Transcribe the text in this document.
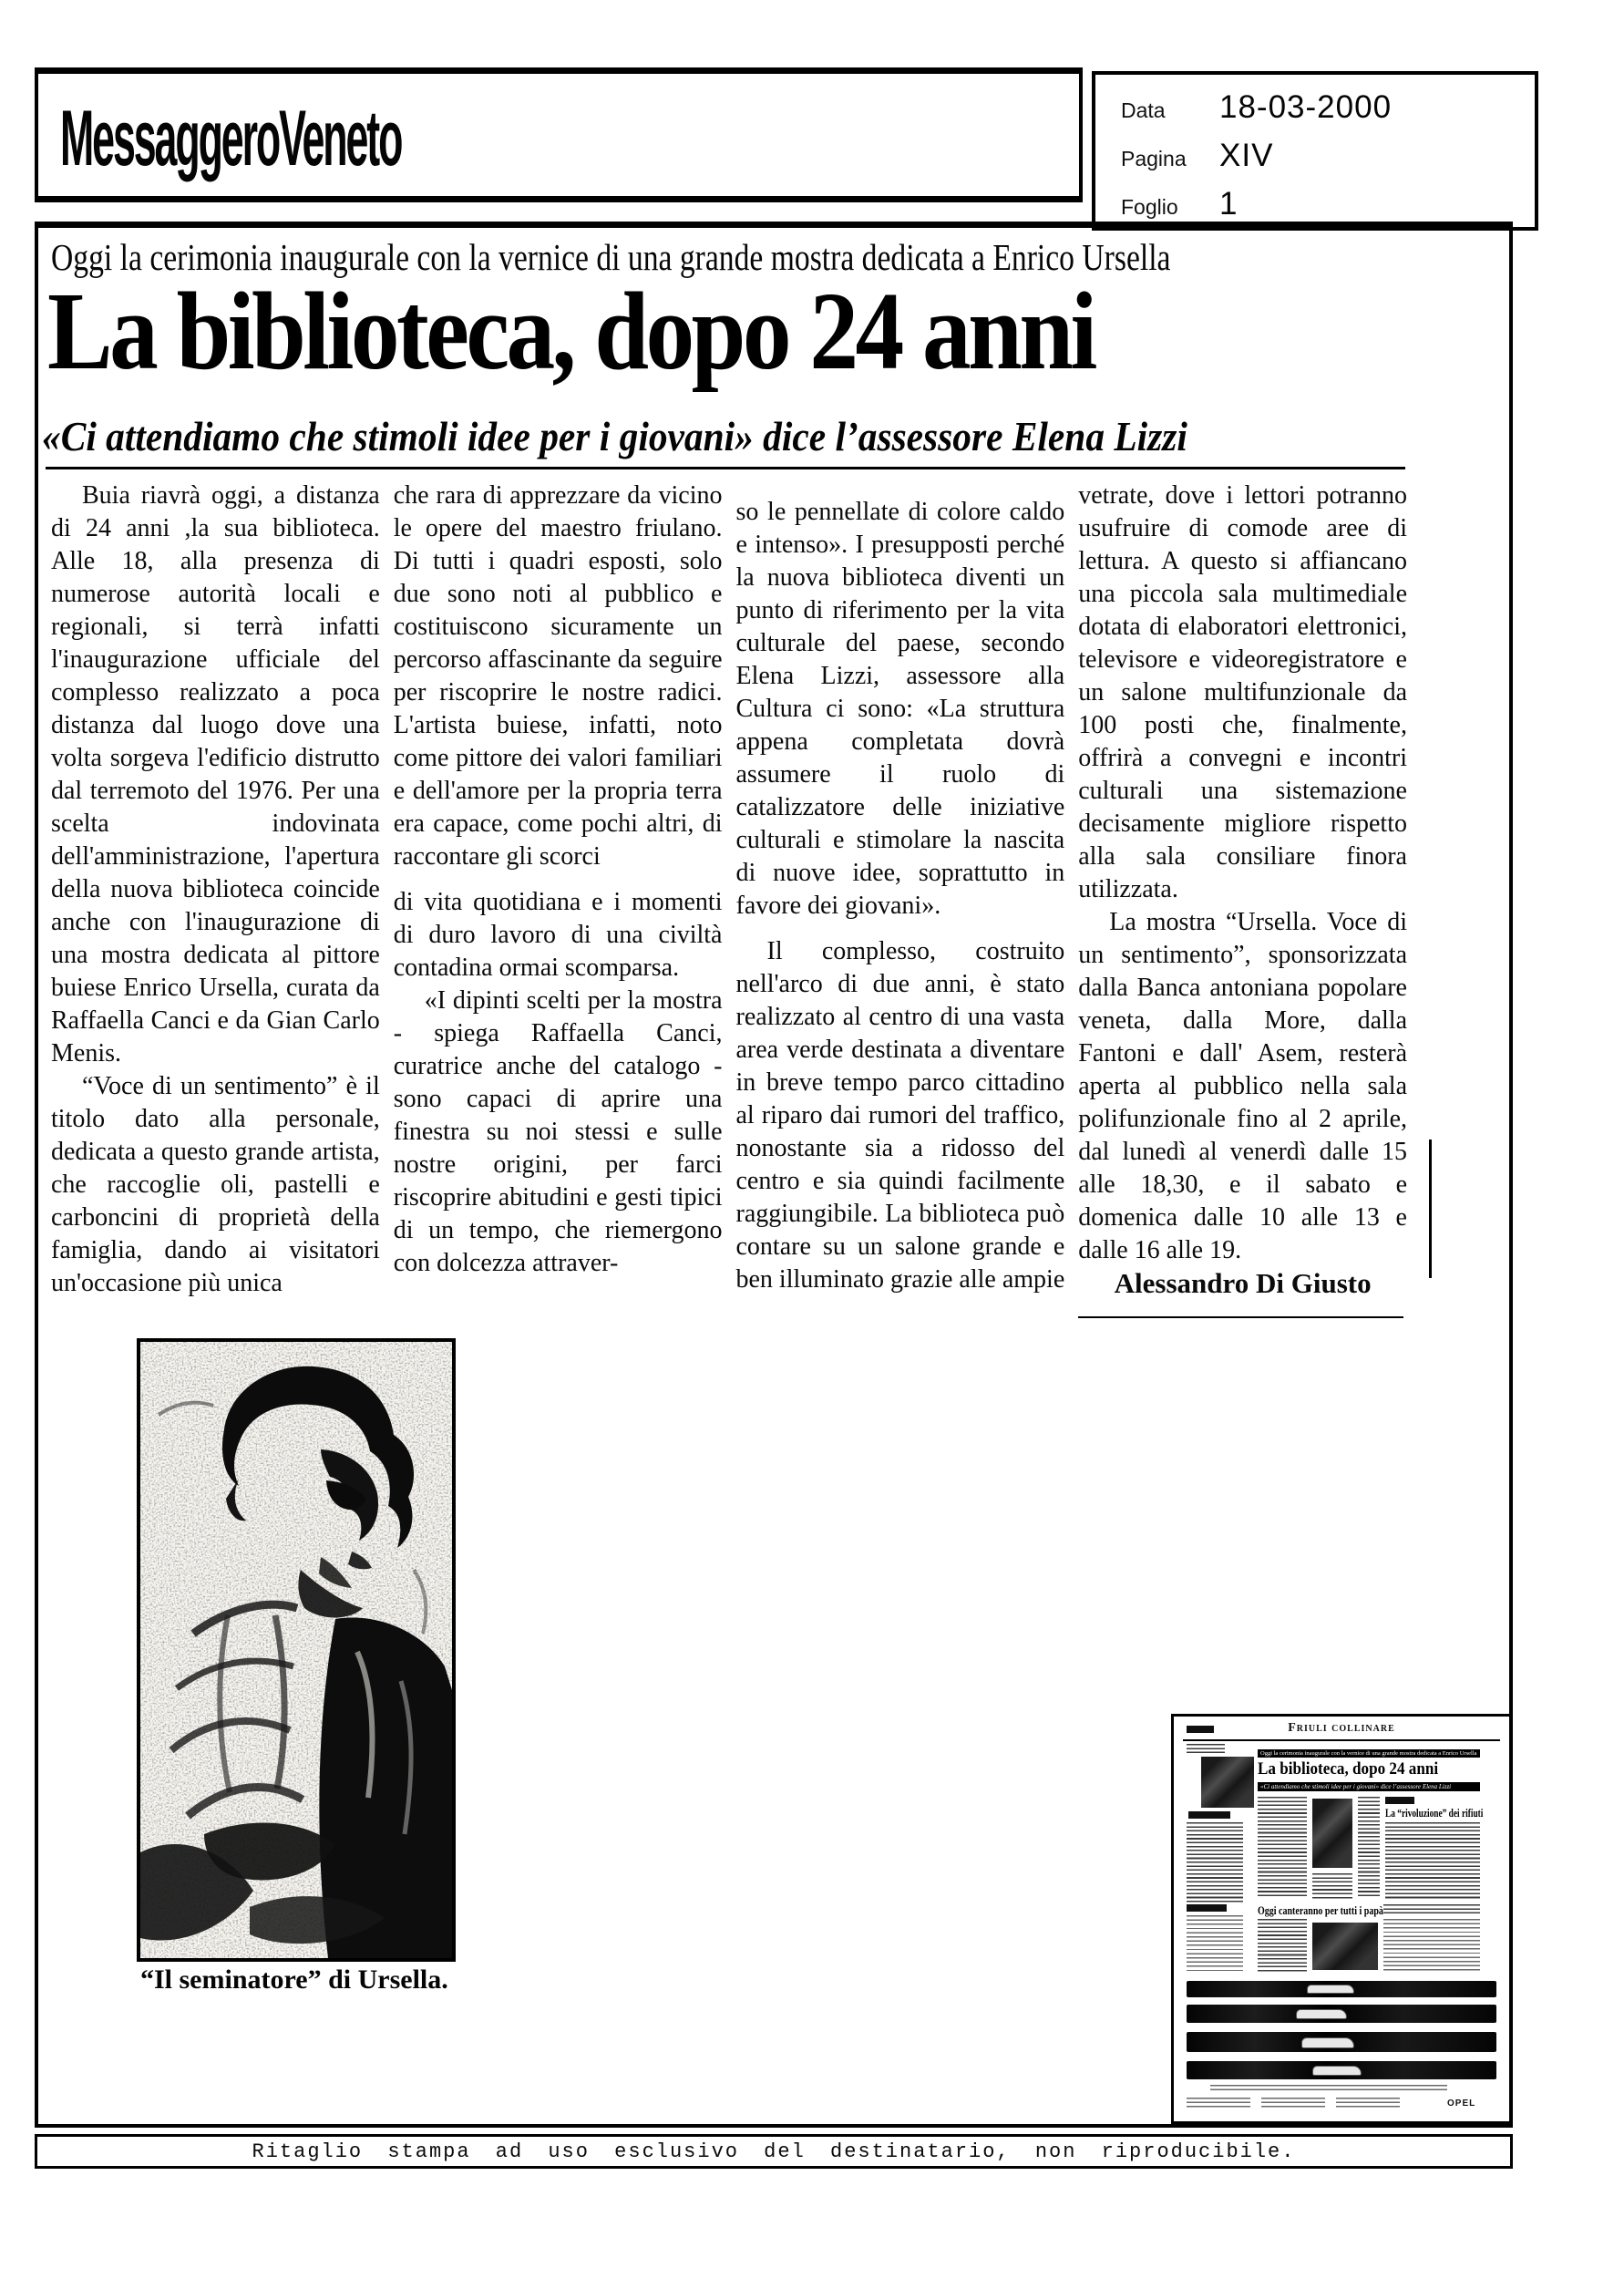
MessaggeroVeneto	Data	18-03-2000
Pagina	XIV
Foglio	1
Oggi la cerimonia inaugurale con la vernice di una grande mostra dedicata a Enrico Ursella
La biblioteca, dopo 24 anni
«Ci attendiamo che stimoli idee per i giovani» dice l’assessore Elena Lizzi

Buia riavrà oggi, a distanza di 24 anni ,la sua biblioteca. Alle 18, alla presenza di numerose autorità locali e regionali, si terrà infatti l'inaugurazione ufficiale del complesso realizzato a poca distanza dal luogo dove una volta sorgeva l'edificio distrutto dal terremoto del 1976. Per una scelta indovinata dell'amministrazione, l'apertura della nuova biblioteca coincide anche con l'inaugurazione di una mostra dedicata al pittore buiese Enrico Ursella, curata da Raffaella Canci e da Gian Carlo Menis.

“Voce di un sentimento” è il titolo dato alla personale, dedicata a questo grande artista, che raccoglie oli, pastelli e carboncini di proprietà della famiglia, dando ai visitatori un'occasione più unica

che rara di apprezzare da vicino le opere del maestro friulano. Di tutti i quadri esposti, solo due sono noti al pubblico e costituiscono sicuramente un percorso affascinante da seguire per riscoprire le nostre radici. L'artista buiese, infatti, noto come pittore dei valori familiari e dell'amore per la propria terra era capace, come pochi altri, di raccontare gli scorci

di vita quotidiana e i momenti di duro lavoro di una civiltà contadina ormai scomparsa.

«I dipinti scelti per la mostra - spiega Raffaella Canci, curatrice anche del catalogo - sono capaci di aprire una finestra su noi stessi e sulle nostre origini, per farci riscoprire abitudini e gesti tipici di un tempo, che riemergono con dolcezza attraver-

so le pennellate di colore caldo e intenso». I presupposti perché la nuova biblioteca diventi un punto di riferimento per la vita culturale del paese, secondo Elena Lizzi, assessore alla Cultura ci sono: «La struttura appena completata dovrà assumere il ruolo di catalizzatore delle iniziative culturali e stimolare la nascita di nuove idee, soprattutto in favore dei giovani».

Il complesso, costruito nell'arco di due anni, è stato realizzato al centro di una vasta area verde destinata a diventare in breve tempo parco cittadino al riparo dai rumori del traffico, nonostante sia a ridosso del centro e sia quindi facilmente raggiungibile. La biblioteca può contare su un salone grande e ben illuminato grazie alle ampie

vetrate, dove i lettori potranno usufruire di comode aree di lettura. A questo si affiancano una piccola sala multimediale dotata di elaboratori elettronici, televisore e videoregistratore e un salone multifunzionale da 100 posti che, finalmente, offrirà a convegni e incontri culturali una sistemazione decisamente migliore rispetto alla sala consiliare finora utilizzata.

La mostra “Ursella. Voce di un sentimento”, sponsorizzata dalla Banca antoniana popolare veneta, dalla More, dalla Fantoni e dall' Asem, resterà aperta al pubblico nella sala polifunzionale fino al 2 aprile, dal lunedì al venerdì dalle 15 alle 18,30, e il sabato e domenica dalle 10 alle 13 e dalle 16 alle 19.

Alessandro Di Giusto

“Il seminatore” di Ursella.
Friuli collinare
Oggi la cerimonia inaugurale con la vernice di una grande mostra dedicata a Enrico Ursella
La biblioteca, dopo 24 anni
«Ci attendiamo che stimoli idee per i giovani» dice l’assessore Elena Lizzi
La “rivoluzione” dei rifiuti
Oggi canteranno per tutti i papà
OPEL
Ritaglio stampa ad uso esclusivo del destinatario, non riproducibile.
